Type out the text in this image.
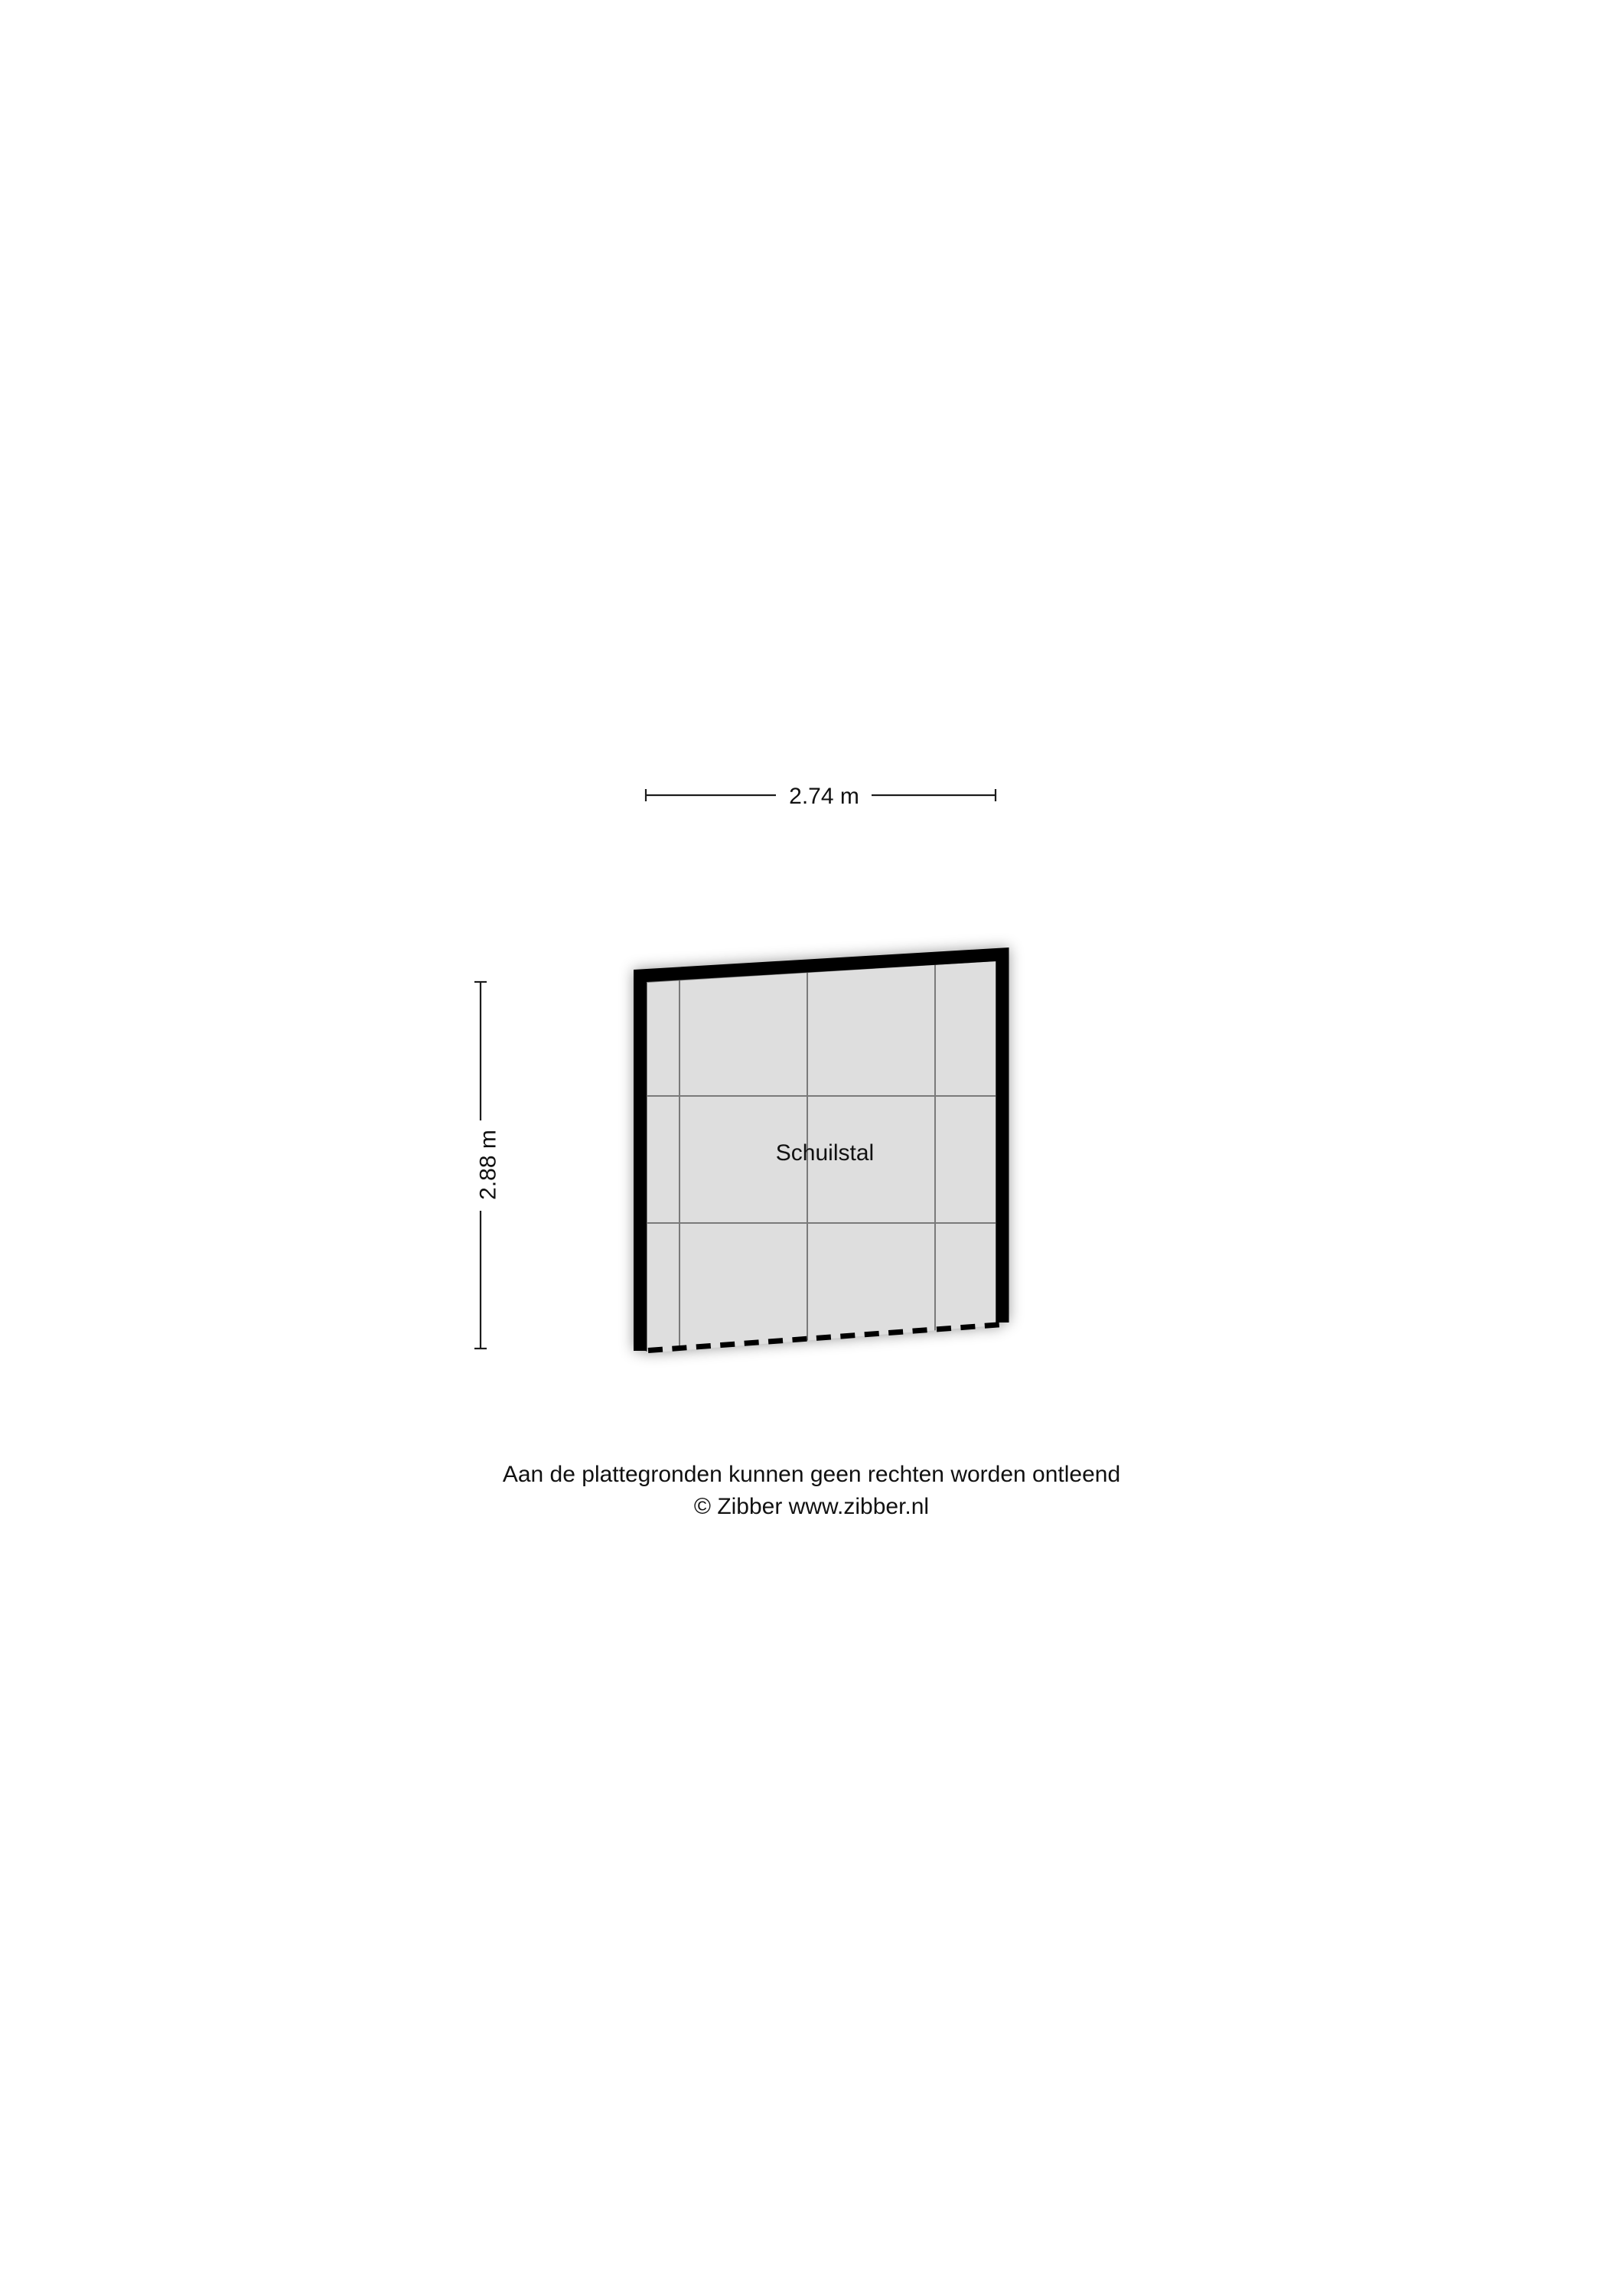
2.74 m
2.88 m	Schuilstal
Aan de plattegronden kunnen geen rechten worden ontleend
© Zibber www.zibber.nl
